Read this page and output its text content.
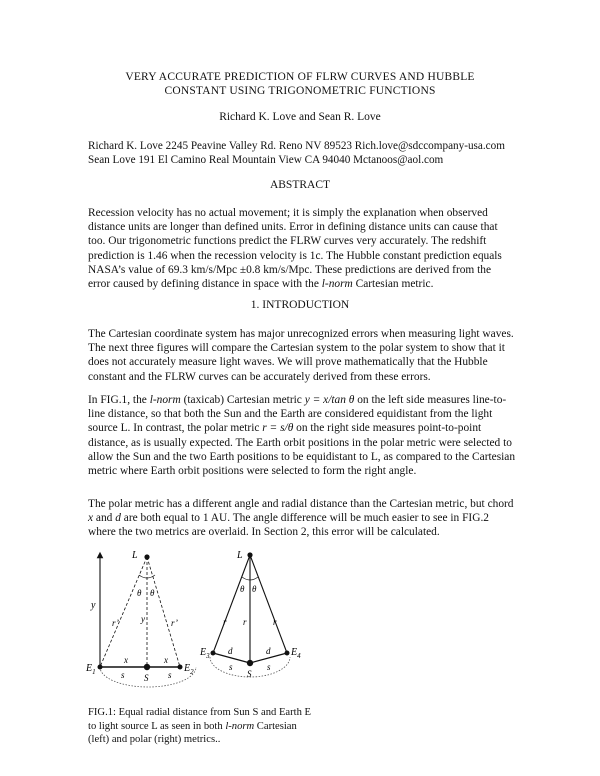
VERY ACCURATE PREDICTION OF FLRW CURVES AND HUBBLE
CONSTANT USING TRIGONOMETRIC FUNCTIONS
Richard K. Love and Sean R. Love
Richard K. Love 2245 Peavine Valley Rd. Reno NV 89523 Rich.love@sdccompany-usa.com
Sean Love 191 El Camino Real Mountain View CA 94040 Mctanoos@aol.com
ABSTRACT
Recession velocity has no actual movement; it is simply the explanation when observed distance units are longer than defined units. Error in defining distance units can cause that too. Our trigonometric functions predict the FLRW curves very accurately. The redshift prediction is 1.46 when the recession velocity is 1c. The Hubble constant prediction equals NASA’s value of 69.3 km/s/Mpc ±0.8 km/s/Mpc. These predictions are derived from the error caused by defining distance in space with the l-norm Cartesian metric.
1. INTRODUCTION
The Cartesian coordinate system has major unrecognized errors when measuring light waves. The next three figures will compare the Cartesian system to the polar system to show that it does not accurately measure light waves. We will prove mathematically that the Hubble constant and the FLRW curves can be accurately derived from these errors.
In FIG.1, the l-norm (taxicab) Cartesian metric y = x/tan θ on the left side measures line-to-line distance, so that both the Sun and the Earth are considered equidistant from the light source L. In contrast, the polar metric r = s/θ on the right side measures point-to-point distance, as is usually expected. The Earth orbit positions in the polar metric were selected to allow the Sun and the two Earth positions to be equidistant to L, as compared to the Cartesian metric where Earth orbit positions were selected to form the right angle.
The polar metric has a different angle and radial distance than the Cartesian metric, but chord x and d are both equal to 1 AU. The angle difference will be much easier to see in FIG.2 where the two metrics are overlaid. In Section 2, this error will be calculated.
L
y
θ θ
r’ y	r’
x	x
S
s	s
$E_1$	$E_2$
L
θ θ
r r	r
d	d
s	s
S
$E_3$	$E_4$
FIG.1: Equal radial distance from Sun S and Earth E to light source L as seen in both l-norm Cartesian (left) and polar (right) metrics..
